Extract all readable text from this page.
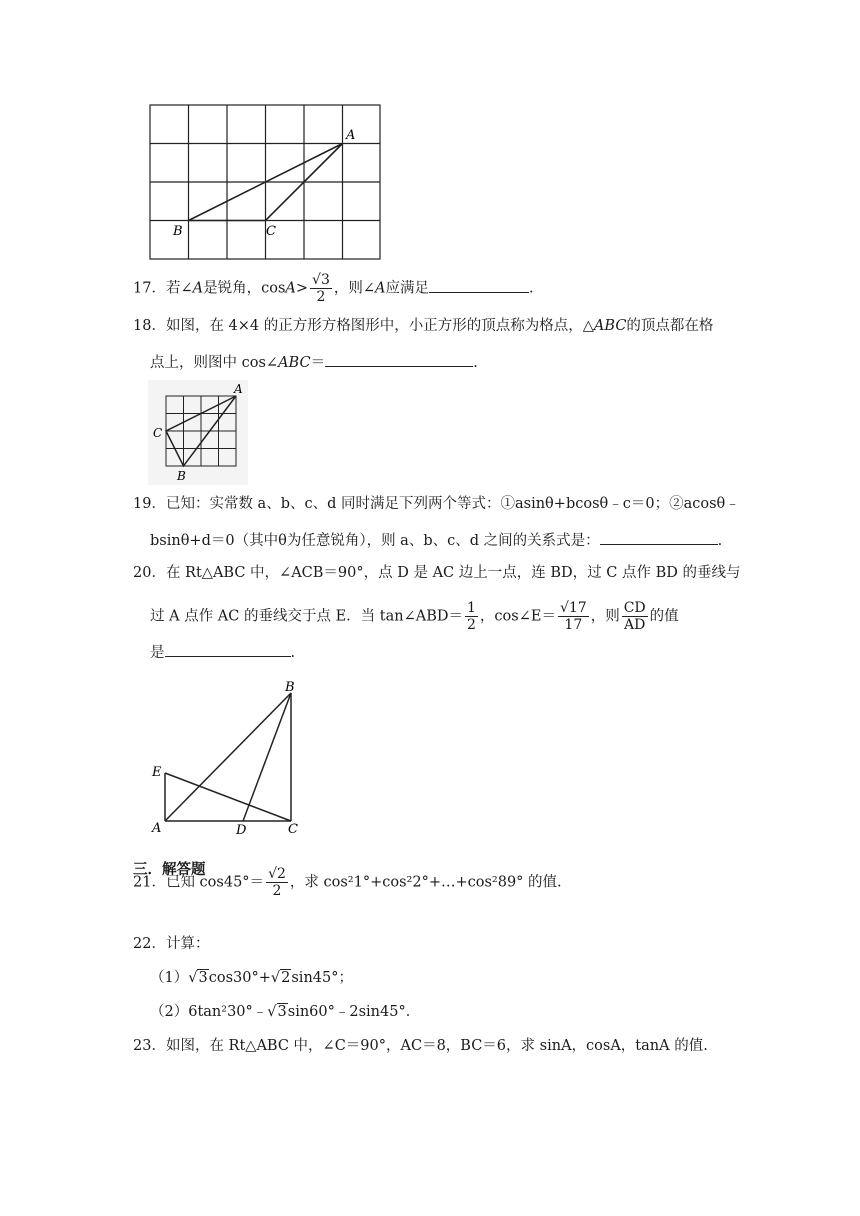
A
B	C
17．若∠A是锐角，$\cos A> \frac{√3}{2}$ ，则∠A应满足	.
18．如图，在 4×4 的正方形方格图形中，小正方形的顶点称为格点，△ABC的顶点都在格
点上，则图中 cos∠ABC＝	.
A
B
C
19．已知：实常数 a、b、c、d 同时满足下列两个等式：①asinθ+bcosθ﹣c＝0；②acosθ﹣
bsinθ+d＝0（其中θ为任意锐角），则 a、b、c、d 之间的关系式是：	.
20．在 Rt△ABC 中，∠ACB＝90°，点 D 是 AC 边上一点，连 BD，过 C 点作 BD 的垂线与
过 A 点作 AC 的垂线交于点 E．当 tan∠ABD＝ $\frac{1}{2}$ ，cos∠E＝ $\frac{√17}{17}$ ，则 $\frac{CD}{AD}$ 的值
是	.
A
B
C
D
E
三．解答题
21．已知 $\cos 45^\circ= \frac{√2}{2}$ ，求 cos²1°+cos²2°+…+cos²89° 的值.
22．计算：
（1）√3cos30°+√2sin45°；
（2）6tan²30°﹣√3sin60°﹣2sin45°．
23．如图，在 Rt△ABC 中，∠C＝90°，AC＝8，BC＝6，求 sinA，cosA，tanA 的值.
